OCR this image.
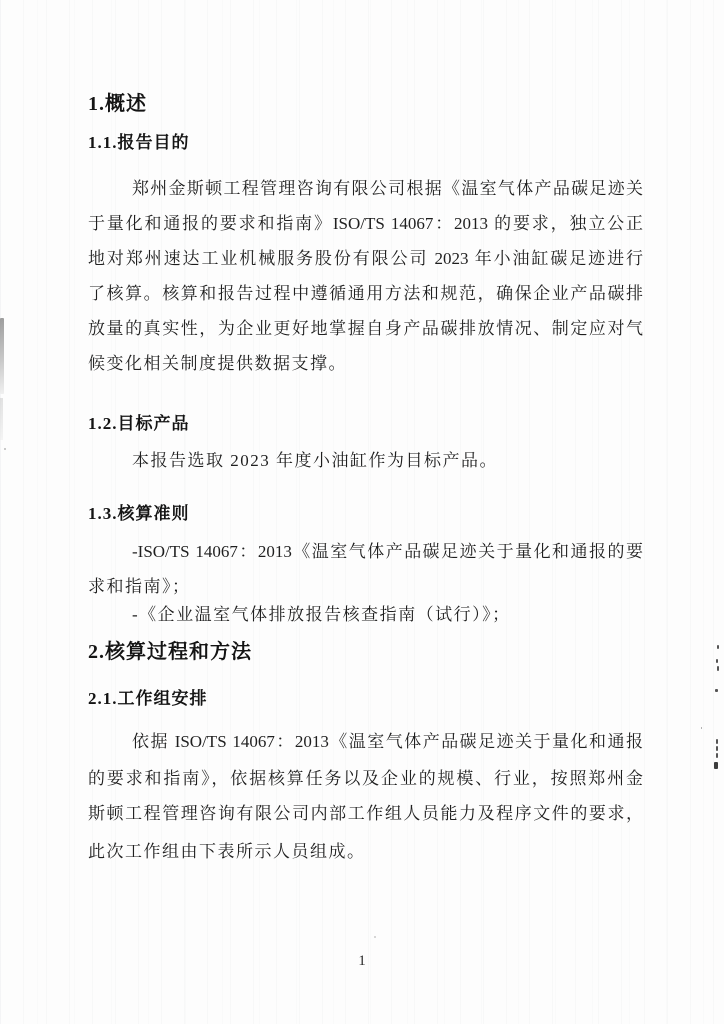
1.概述
1.1.报告目的
郑州金斯顿工程管理咨询有限公司根据《温室气体产品碳足迹关
于量化和通报的要求和指南》ISO/TS 14067：2013 的要求，独立公正
地对郑州速达工业机械服务股份有限公司 2023 年小油缸碳足迹进行
了核算。核算和报告过程中遵循通用方法和规范，确保企业产品碳排
放量的真实性，为企业更好地掌握自身产品碳排放情况、制定应对气
候变化相关制度提供数据支撑。
1.2.目标产品
本报告选取 2023 年度小油缸作为目标产品。
1.3.核算准则
-ISO/TS 14067：2013《温室气体产品碳足迹关于量化和通报的要
求和指南》；
-《企业温室气体排放报告核查指南（试行）》；
2.核算过程和方法
2.1.工作组安排
依据 ISO/TS 14067：2013《温室气体产品碳足迹关于量化和通报
的要求和指南》，依据核算任务以及企业的规模、行业，按照郑州金
斯顿工程管理咨询有限公司内部工作组人员能力及程序文件的要求，
此次工作组由下表所示人员组成。
1
